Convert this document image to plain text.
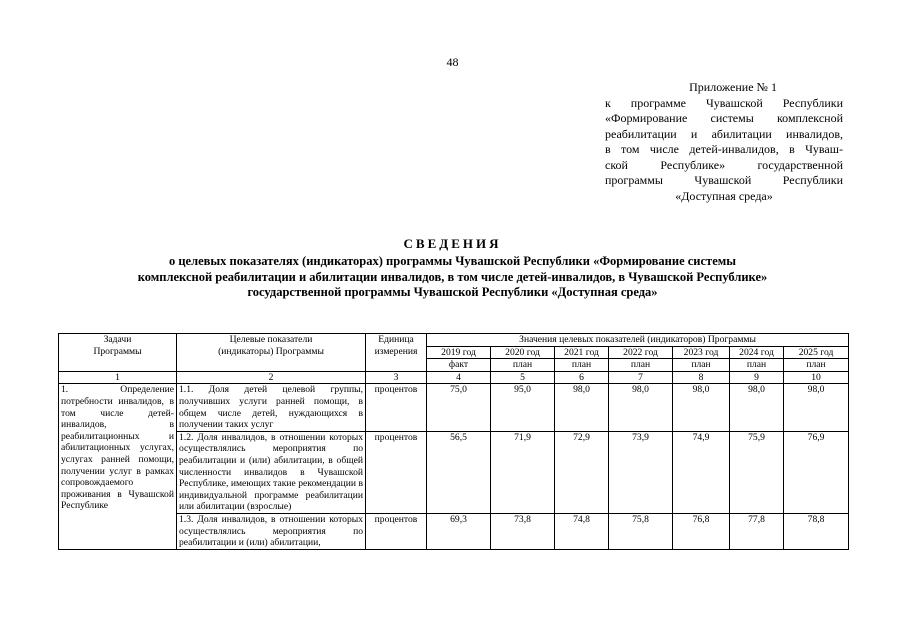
48
Приложение № 1
к программе Чувашской Республики
«Формирование системы комплексной
реабилитации и абилитации инвалидов,
в том числе детей-инвалидов, в Чуваш-
ской Республике» государственной
программы Чувашской Республики
«Доступная среда»
СВЕДЕНИЯ
о целевых показателях (индикаторах) программы Чувашской Республики «Формирование системы
комплексной реабилитации и абилитации инвалидов, в том числе детей-инвалидов, в Чувашской Республике»
государственной программы Чувашской Республики «Доступная среда»
Задачи Программы	Целевые показатели (индикаторы) Программы	Единица измерения	Значения целевых показателей (индикаторов) Программы						
			2019 год	2020 год	2021 год	2022 год	2023 год	2024 год	2025 год
			факт	план	план	план	план	план	план
1	2	3	4	5	6	7	8	9	10
1. Определение потребности инвалидов, в том числе детей-инвалидов, в реабилитационных и абилитационных услугах, услугах ранней помощи, получении услуг в рамках сопровождаемого проживания в Чувашской Республике	1.1. Доля детей целевой группы, получивших услуги ранней помощи, в общем числе детей, нуждающихся в получении таких услуг	процентов	75,0	95,0	98,0	98,0	98,0	98,0	98,0
	1.2. Доля инвалидов, в отношении которых осуществлялись мероприятия по реабилитации и (или) абилитации, в общей численности инвалидов в Чувашской Республике, имеющих такие рекомендации в индивидуальной программе реабилитации или абилитации (взрослые)	процентов	56,5	71,9	72,9	73,9	74,9	75,9	76,9
	1.3. Доля инвалидов, в отношении которых осуществлялись мероприятия по реабилитации и (или) абилитации,	процентов	69,3	73,8	74,8	75,8	76,8	77,8	78,8
